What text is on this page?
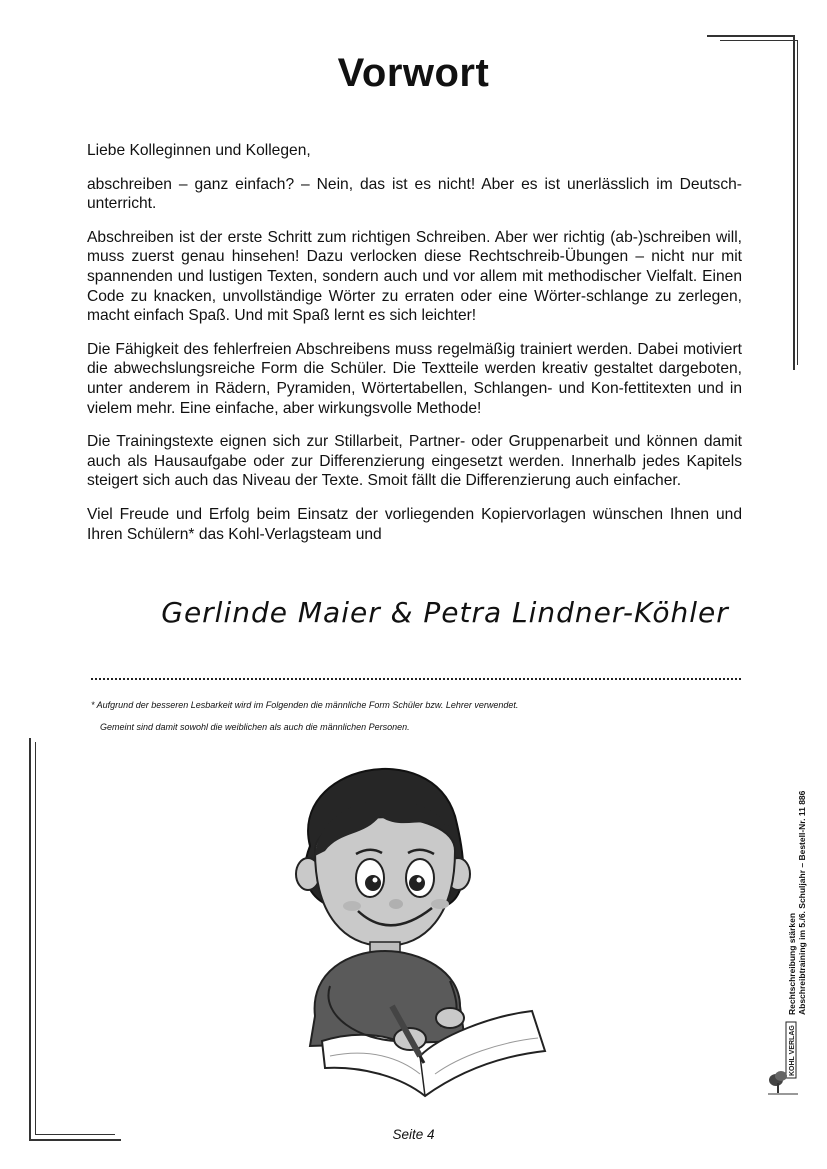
Vorwort

Liebe Kolleginnen und Kollegen,

abschreiben – ganz einfach? – Nein, das ist es nicht! Aber es ist unerlässlich im Deutsch-unterricht.

Abschreiben ist der erste Schritt zum richtigen Schreiben. Aber wer richtig (ab-)schreiben will, muss zuerst genau hinsehen! Dazu verlocken diese Rechtschreib-Übungen – nicht nur mit spannenden und lustigen Texten, sondern auch und vor allem mit methodischer Vielfalt. Einen Code zu knacken, unvollständige Wörter zu erraten oder eine Wörter-schlange zu zerlegen, macht einfach Spaß. Und mit Spaß lernt es sich leichter!

Die Fähigkeit des fehlerfreien Abschreibens muss regelmäßig trainiert werden. Dabei motiviert die abwechslungsreiche Form die Schüler. Die Textteile werden kreativ gestaltet dargeboten, unter anderem in Rädern, Pyramiden, Wörtertabellen, Schlangen- und Kon-fettitexten und in vielem mehr. Eine einfache, aber wirkungsvolle Methode!

Die Trainingstexte eignen sich zur Stillarbeit, Partner- oder Gruppenarbeit und können damit auch als Hausaufgabe oder zur Differenzierung eingesetzt werden. Innerhalb jedes Kapitels steigert sich auch das Niveau der Texte. Smoit fällt die Differenzierung auch einfacher.

Viel Freude und Erfolg beim Einsatz der vorliegenden Kopiervorlagen wünschen Ihnen und Ihren Schülern* das Kohl-Verlagsteam und

Gerlinde Maier & Petra Lindner-Köhler
* Aufgrund der besseren Lesbarkeit wird im Folgenden die männliche Form Schüler bzw. Lehrer verwendet.
Gemeint sind damit sowohl die weiblichen als auch die männlichen Personen.
Rechtschreibung stärken Abschreibtraining im 5./6. Schuljahr – Bestell-Nr. 11 886
KOHL VERLAG
Seite 4
